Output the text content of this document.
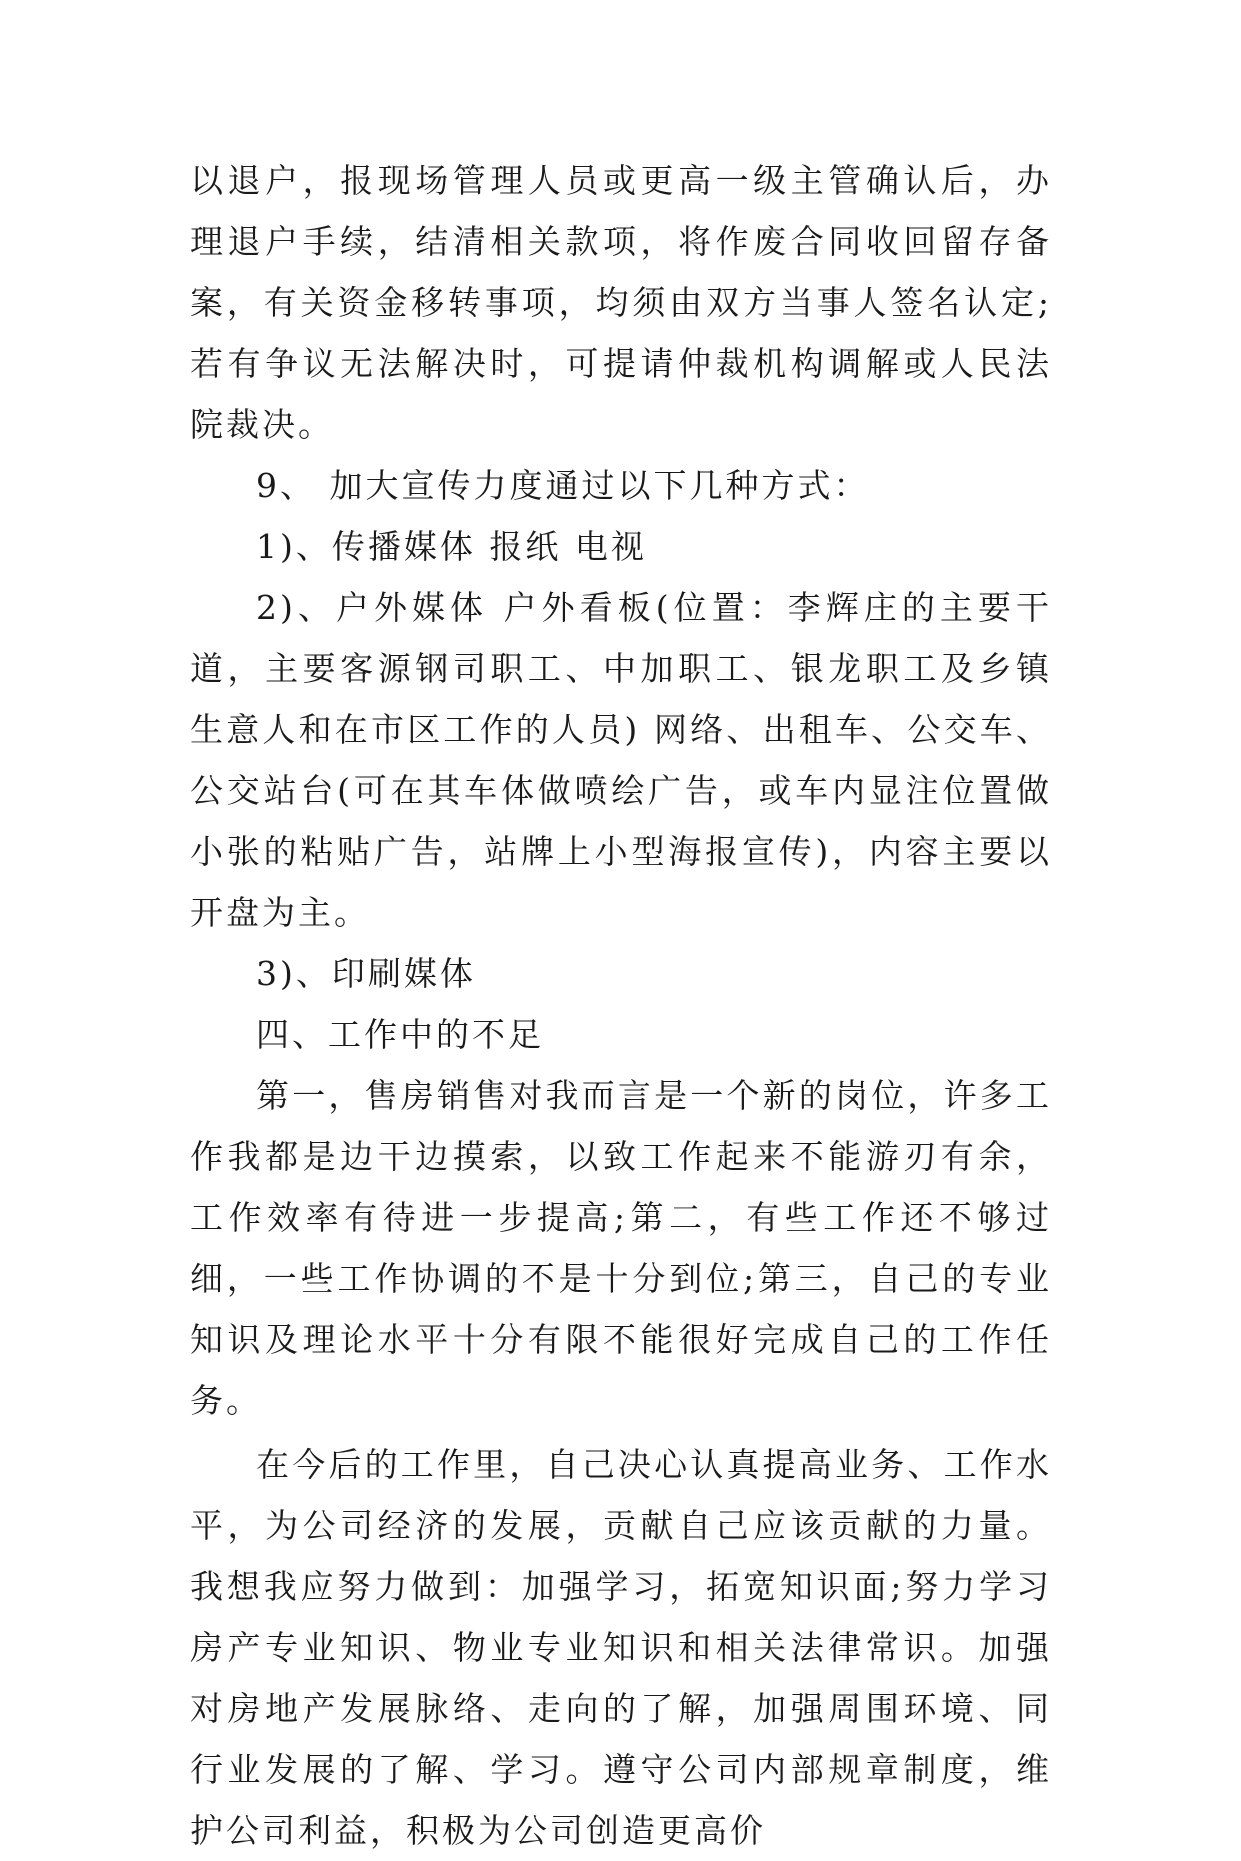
以退户，报现场管理人员或更高一级主管确认后，办理退户手续，结清相关款项，将作废合同收回留存备案，有关资金移转事项，均须由双方当事人签名认定;若有争议无法解决时，可提请仲裁机构调解或人民法院裁决。

9、 加大宣传力度通过以下几种方式：

1)、传播媒体 报纸 电视

2)、户外媒体 户外看板(位置：李辉庄的主要干道，主要客源钢司职工、中加职工、银龙职工及乡镇生意人和在市区工作的人员) 网络、出租车、公交车、公交站台(可在其车体做喷绘广告，或车内显注位置做小张的粘贴广告，站牌上小型海报宣传)，内容主要以开盘为主。

3)、印刷媒体

四、工作中的不足

第一，售房销售对我而言是一个新的岗位，许多工作我都是边干边摸索，以致工作起来不能游刃有余，工作效率有待进一步提高;第二，有些工作还不够过细，一些工作协调的不是十分到位;第三，自己的专业知识及理论水平十分有限不能很好完成自己的工作任务。

在今后的工作里，自己决心认真提高业务、工作水平，为公司经济的发展，贡献自己应该贡献的力量。我想我应努力做到：加强学习，拓宽知识面;努力学习房产专业知识、物业专业知识和相关法律常识。加强对房地产发展脉络、走向的了解，加强周围环境、同行业发展的了解、学习。遵守公司内部规章制度，维护公司利益，积极为公司创造更高价
